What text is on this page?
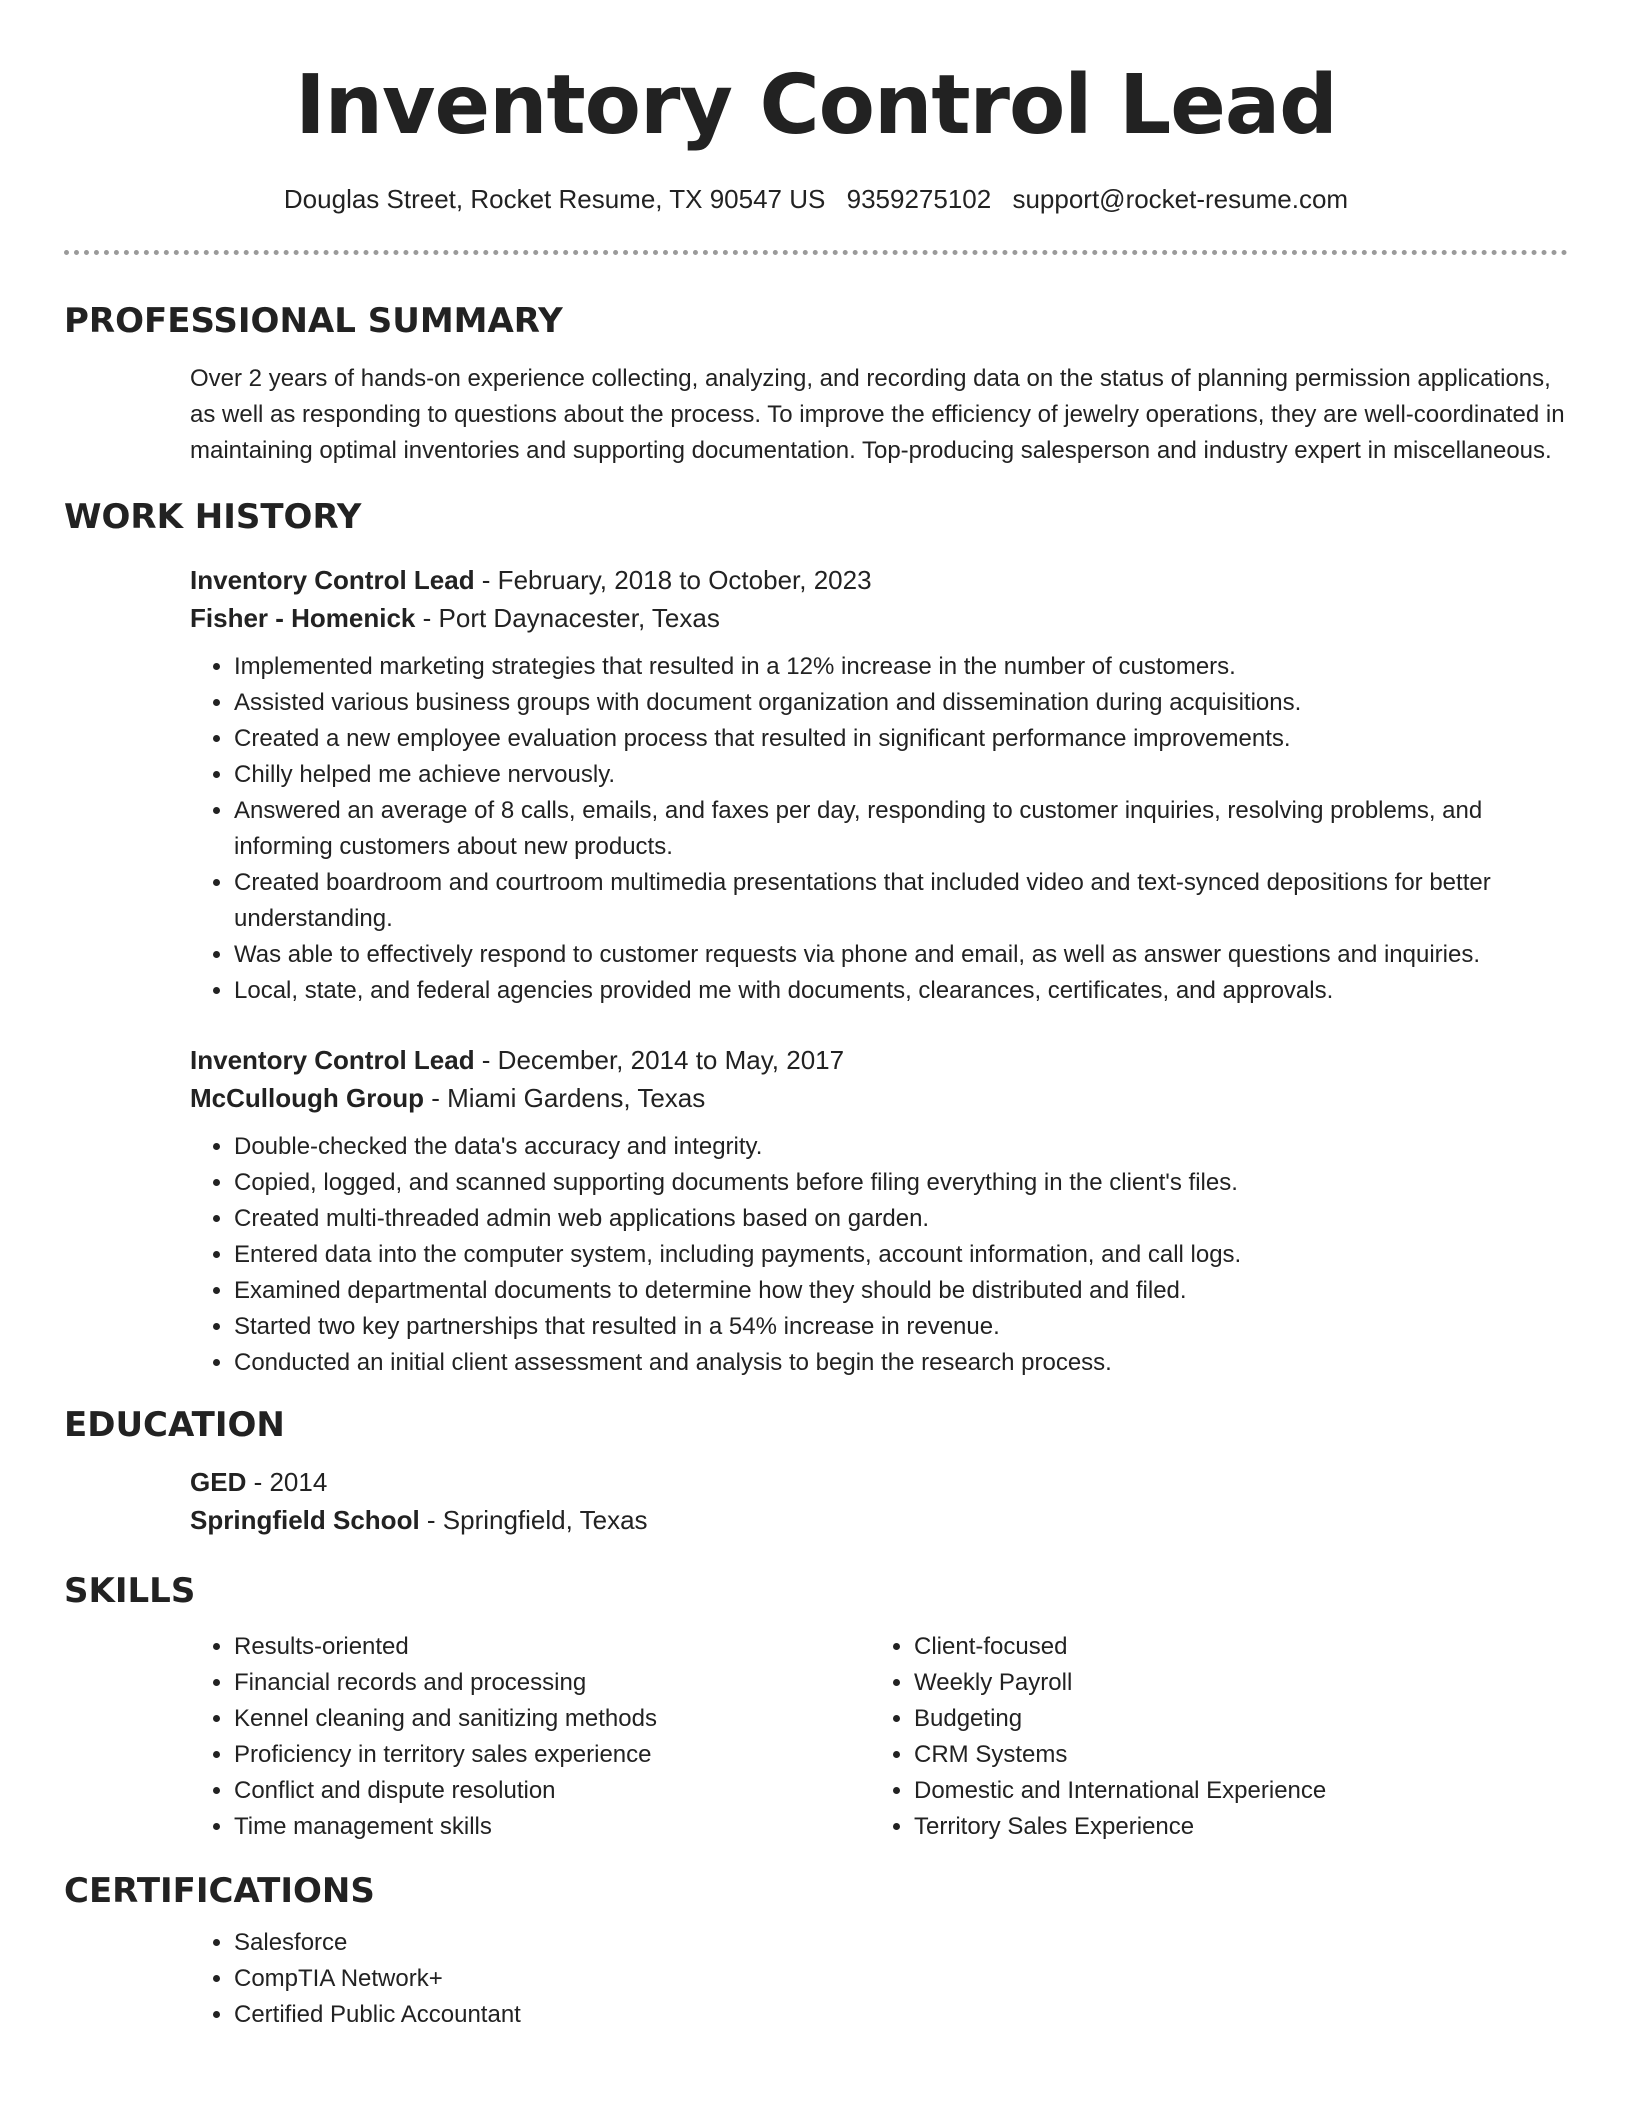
Inventory Control Lead
Douglas Street, Rocket Resume, TX 90547 US 9359275102 support@rocket-resume.com
PROFESSIONAL SUMMARY

Over 2 years of hands-on experience collecting, analyzing, and recording data on the status of planning permission applications, as well as responding to questions about the process. To improve the efficiency of jewelry operations, they are well-coordinated in maintaining optimal inventories and supporting documentation. Top-producing salesperson and industry expert in miscellaneous.

WORK HISTORY
Inventory Control Lead - February, 2018 to October, 2023
Fisher - Homenick - Port Daynacester, Texas
• Implemented marketing strategies that resulted in a 12% increase in the number of customers.
• Assisted various business groups with document organization and dissemination during acquisitions.
• Created a new employee evaluation process that resulted in significant performance improvements.
• Chilly helped me achieve nervously.
• Answered an average of 8 calls, emails, and faxes per day, responding to customer inquiries, resolving problems, and informing customers about new products.
• Created boardroom and courtroom multimedia presentations that included video and text-synced depositions for better understanding.
• Was able to effectively respond to customer requests via phone and email, as well as answer questions and inquiries.
• Local, state, and federal agencies provided me with documents, clearances, certificates, and approvals.
Inventory Control Lead - December, 2014 to May, 2017
McCullough Group - Miami Gardens, Texas
• Double-checked the data's accuracy and integrity.
• Copied, logged, and scanned supporting documents before filing everything in the client's files.
• Created multi-threaded admin web applications based on garden.
• Entered data into the computer system, including payments, account information, and call logs.
• Examined departmental documents to determine how they should be distributed and filed.
• Started two key partnerships that resulted in a 54% increase in revenue.
• Conducted an initial client assessment and analysis to begin the research process.
EDUCATION
GED - 2014
Springfield School - Springfield, Texas
SKILLS
• Results-oriented
• Financial records and processing
• Kennel cleaning and sanitizing methods
• Proficiency in territory sales experience
• Conflict and dispute resolution
• Time management skills
• Client-focused
• Weekly Payroll
• Budgeting
• CRM Systems
• Domestic and International Experience
• Territory Sales Experience
CERTIFICATIONS
• Salesforce
• CompTIA Network+
• Certified Public Accountant
